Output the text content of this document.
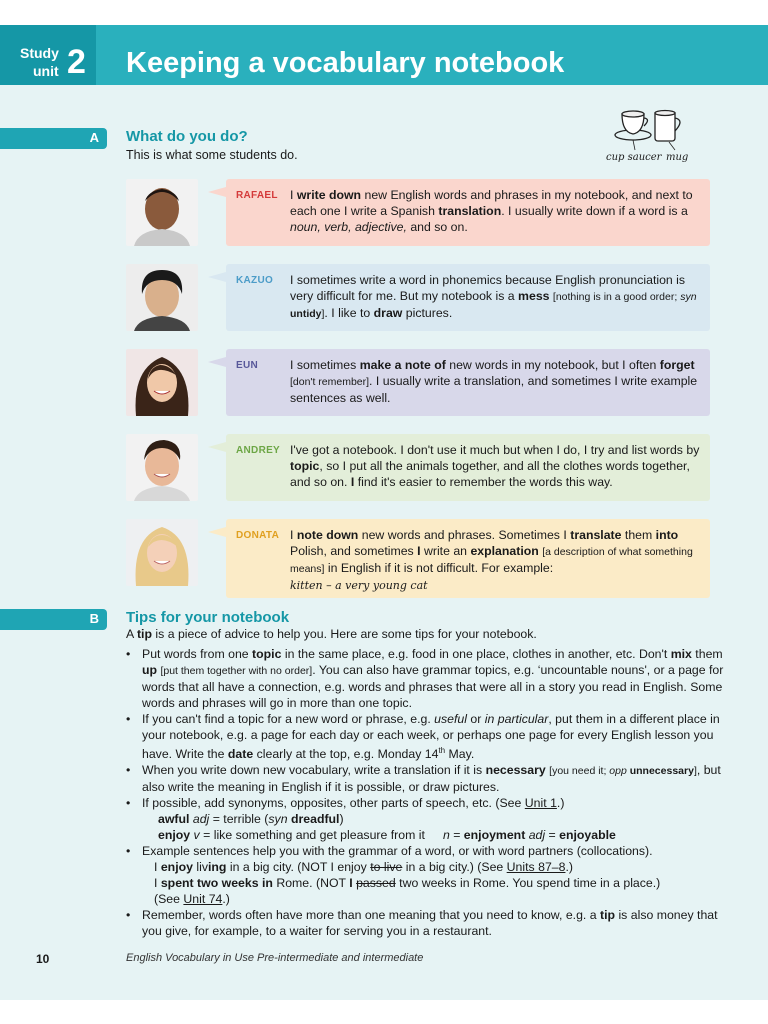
Study
unit 2 Keeping a vocabulary notebook
A What do you do?
This is what some students do.	cup saucer mug
RAFAEL I write down new English words and phrases in my notebook, and next to each one I write a Spanish translation. I usually write down if a word is a noun, verb, adjective, and so on.
KAZUO I sometimes write a word in phonemics because English pronunciation is very difficult for me. But my notebook is a mess [nothing is in a good order; syn untidy]. I like to draw pictures.
EUN	I sometimes make a note of new words in my notebook, but I often forget [don't remember]. I usually write a translation, and sometimes I write example sentences as well.
ANDREY I've got a notebook. I don't use it much but when I do, I try and list words by topic, so I put all the animals together, and all the clothes words together, and so on. I find it's easier to remember the words this way.
DONATA I note down new words and phrases. Sometimes I translate them into Polish, and sometimes I write an explanation [a description of what something means] in English if it is not difficult. For example:
kitten – a very young cat
B Tips for your notebook
A tip is a piece of advice to help you. Here are some tips for your notebook.
• Put words from one topic in the same place, e.g. food in one place, clothes in another, etc. Don't mix them up [put them together with no order]. You can also have grammar topics, e.g. ‘uncountable nouns', or a page for words that all have a connection, e.g. words and phrases that were all in a story you read in English. Some words and phrases will go in more than one topic.
• If you can't find a topic for a new word or phrase, e.g. useful or in particular, put them in a different place in your notebook, e.g. a page for each day or each week, or perhaps one page for every English lesson you have. Write the date clearly at the top, e.g. Monday 14th May.
• When you write down new vocabulary, write a translation if it is necessary [you need it; opp unnecessary], but also write the meaning in English if it is possible, or draw pictures.
• If possible, add synonyms, opposites, other parts of speech, etc. (See Unit 1.)
awful adj = terrible (syn dreadful)
enjoy v = like something and get pleasure from it n = enjoyment adj = enjoyable
• Example sentences help you with the grammar of a word, or with word partners (collocations).
I enjoy living in a big city. (NOT I enjoy to live in a big city.) (See Units 87–8.)
I spent two weeks in Rome. (NOT I passed two weeks in Rome. You spend time in a place.)
(See Unit 74.)
• Remember, words often have more than one meaning that you need to know, e.g. a tip is also money that you give, for example, to a waiter for serving you in a restaurant.
10	English Vocabulary in Use Pre-intermediate and intermediate
